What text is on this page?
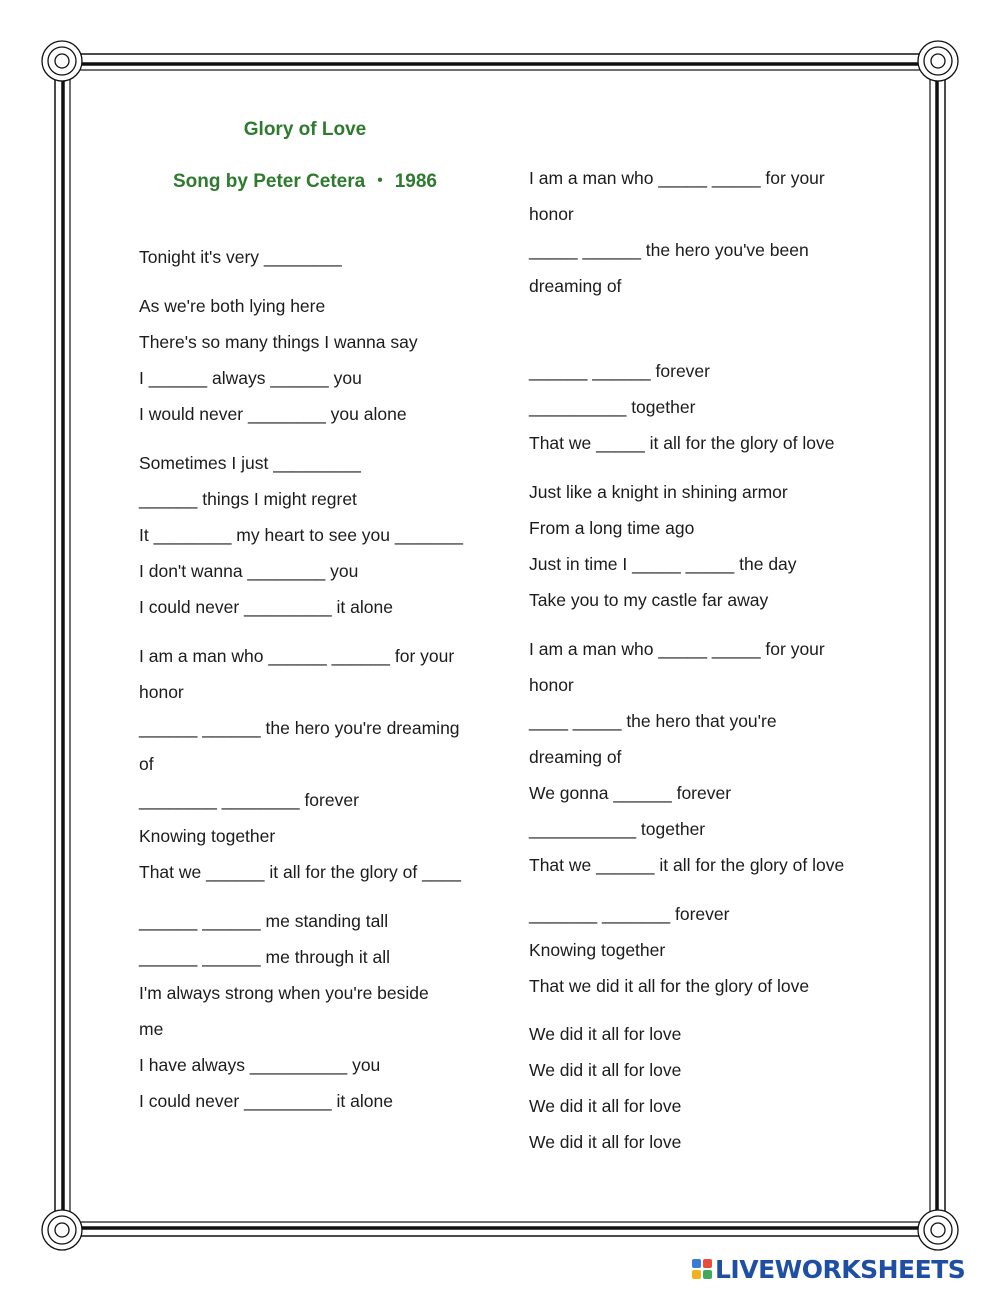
Glory of Love
Song by Peter Cetera ・ 1986
Tonight it's very ________
As we're both lying here
There's so many things I wanna say
I ______ always ______ you
I would never ________ you alone
Sometimes I just _________
______ things I might regret
It ________ my heart to see you _______
I don't wanna ________ you
I could never _________ it alone
I am a man who ______ ______ for your
honor
______ ______ the hero you're dreaming
of
________ ________ forever
Knowing together
That we ______ it all for the glory of ____
______ ______ me standing tall
______ ______ me through it all
I'm always strong when you're beside
me
I have always __________ you
I could never _________ it alone
I am a man who _____ _____ for your
honor
_____ ______ the hero you've been
dreaming of
______ ______ forever
__________ together
That we _____ it all for the glory of love
Just like a knight in shining armor
From a long time ago
Just in time I _____ _____ the day
Take you to my castle far away
I am a man who _____ _____ for your
honor
____ _____ the hero that you're
dreaming of
We gonna ______ forever
___________ together
That we ______ it all for the glory of love
_______ _______ forever
Knowing together
That we did it all for the glory of love
We did it all for love
We did it all for love
We did it all for love
We did it all for love
LIVEWORKSHEETS
